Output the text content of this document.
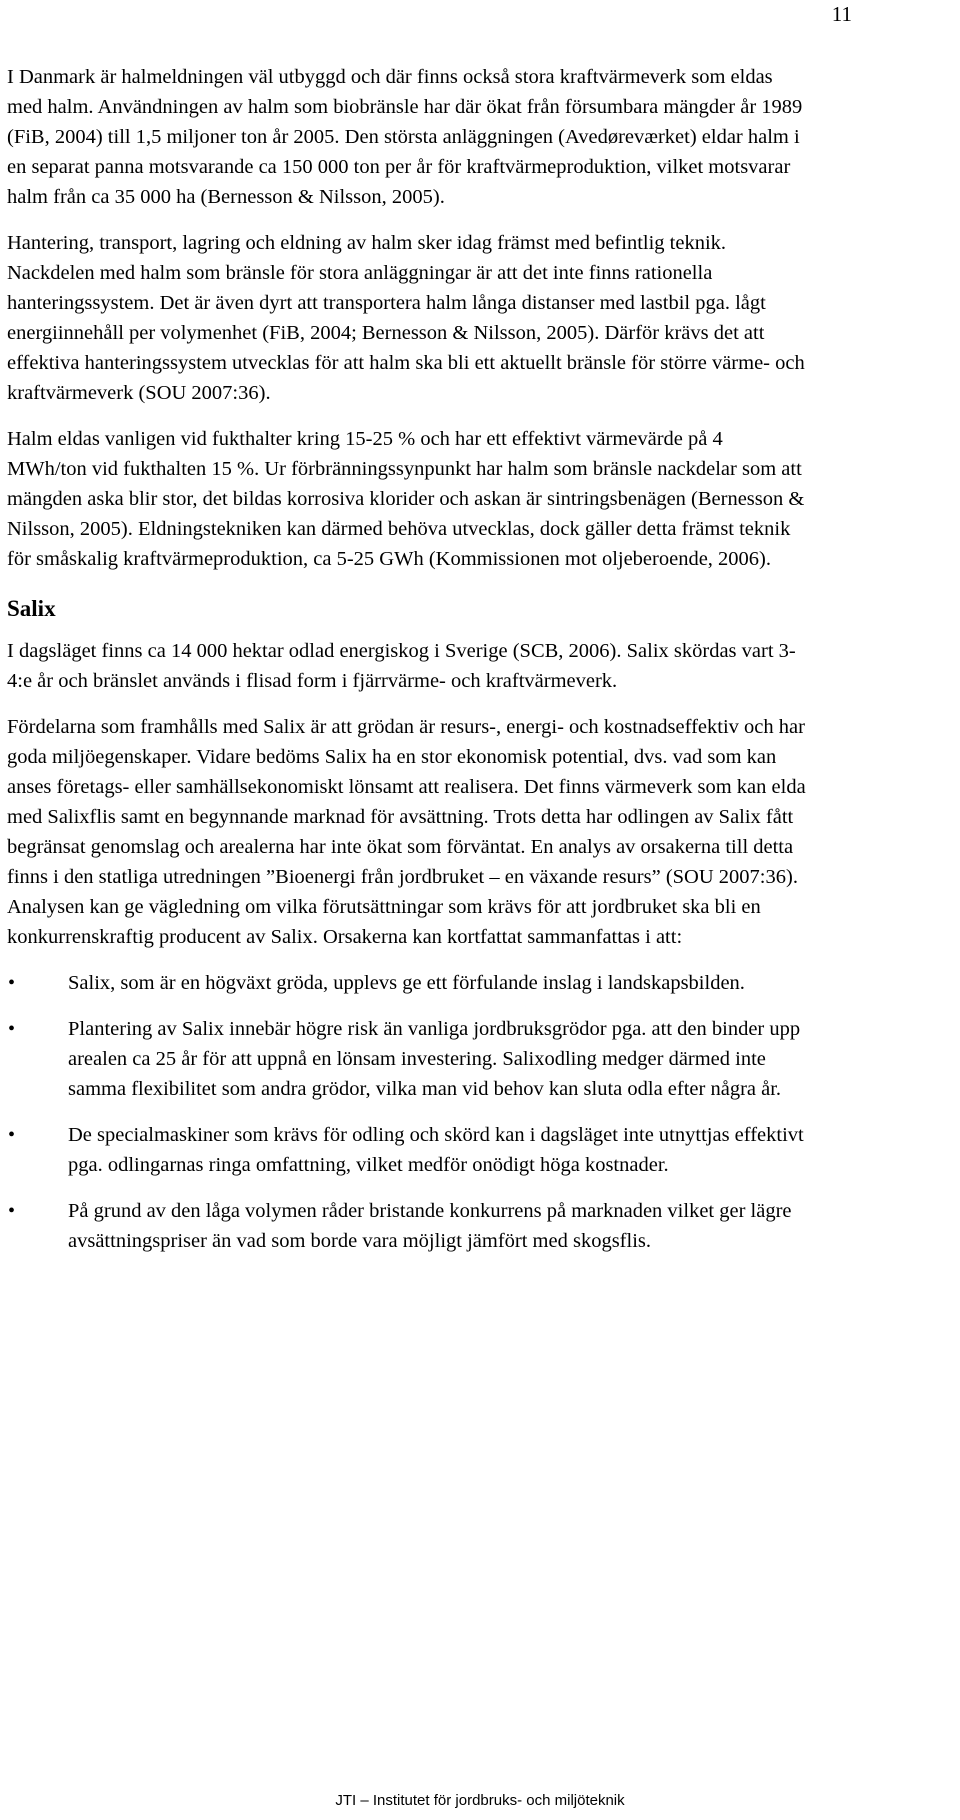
11

I Danmark är halmeldningen väl utbyggd och där finns också stora kraftvärmeverk som eldas med halm. Användningen av halm som biobränsle har där ökat från försumbara mängder år 1989 (FiB, 2004) till 1,5 miljoner ton år 2005. Den största anläggningen (Avedøreværket) eldar halm i en separat panna motsvarande ca 150 000 ton per år för kraftvärmeproduktion, vilket motsvarar halm från ca 35 000 ha (Bernesson & Nilsson, 2005).

Hantering, transport, lagring och eldning av halm sker idag främst med befintlig teknik. Nackdelen med halm som bränsle för stora anläggningar är att det inte finns rationella hanteringssystem. Det är även dyrt att transportera halm långa distanser med lastbil pga. lågt energiinnehåll per volymenhet (FiB, 2004; Bernesson & Nilsson, 2005). Därför krävs det att effektiva hanteringssystem utvecklas för att halm ska bli ett aktuellt bränsle för större värme- och kraftvärmeverk (SOU 2007:36).

Halm eldas vanligen vid fukthalter kring 15-25 % och har ett effektivt värmevärde på 4 MWh/ton vid fukthalten 15 %. Ur förbränningssynpunkt har halm som bränsle nackdelar som att mängden aska blir stor, det bildas korrosiva klorider och askan är sintringsbenägen (Bernesson & Nilsson, 2005). Eldningstekniken kan därmed behöva utvecklas, dock gäller detta främst teknik för småskalig kraftvärmeproduktion, ca 5-25 GWh (Kommissionen mot oljeberoende, 2006).

Salix

I dagsläget finns ca 14 000 hektar odlad energiskog i Sverige (SCB, 2006). Salix skördas vart 3-4:e år och bränslet används i flisad form i fjärrvärme- och kraftvärmeverk.

Fördelarna som framhålls med Salix är att grödan är resurs-, energi- och kostnadseffektiv och har goda miljöegenskaper. Vidare bedöms Salix ha en stor ekonomisk potential, dvs. vad som kan anses företags- eller samhällsekonomiskt lönsamt att realisera. Det finns värmeverk som kan elda med Salixflis samt en begynnande marknad för avsättning. Trots detta har odlingen av Salix fått begränsat genomslag och arealerna har inte ökat som förväntat. En analys av orsakerna till detta finns i den statliga utredningen ”Bioenergi från jordbruket – en växande resurs” (SOU 2007:36). Analysen kan ge vägledning om vilka förutsättningar som krävs för att jordbruket ska bli en konkurrenskraftig producent av Salix. Orsakerna kan kortfattat sammanfattas i att:

•	Salix, som är en högväxt gröda, upplevs ge ett förfulande inslag i landskapsbilden.
•	Plantering av Salix innebär högre risk än vanliga jordbruksgrödor pga. att den binder upp arealen ca 25 år för att uppnå en lönsam investering. Salixodling medger därmed inte samma flexibilitet som andra grödor, vilka man vid behov kan sluta odla efter några år.
•	De specialmaskiner som krävs för odling och skörd kan i dagsläget inte utnyttjas effektivt pga. odlingarnas ringa omfattning, vilket medför onödigt höga kostnader.
•	På grund av den låga volymen råder bristande konkurrens på marknaden vilket ger lägre avsättningspriser än vad som borde vara möjligt jämfört med skogsflis.
JTI – Institutet för jordbruks- och miljöteknik
